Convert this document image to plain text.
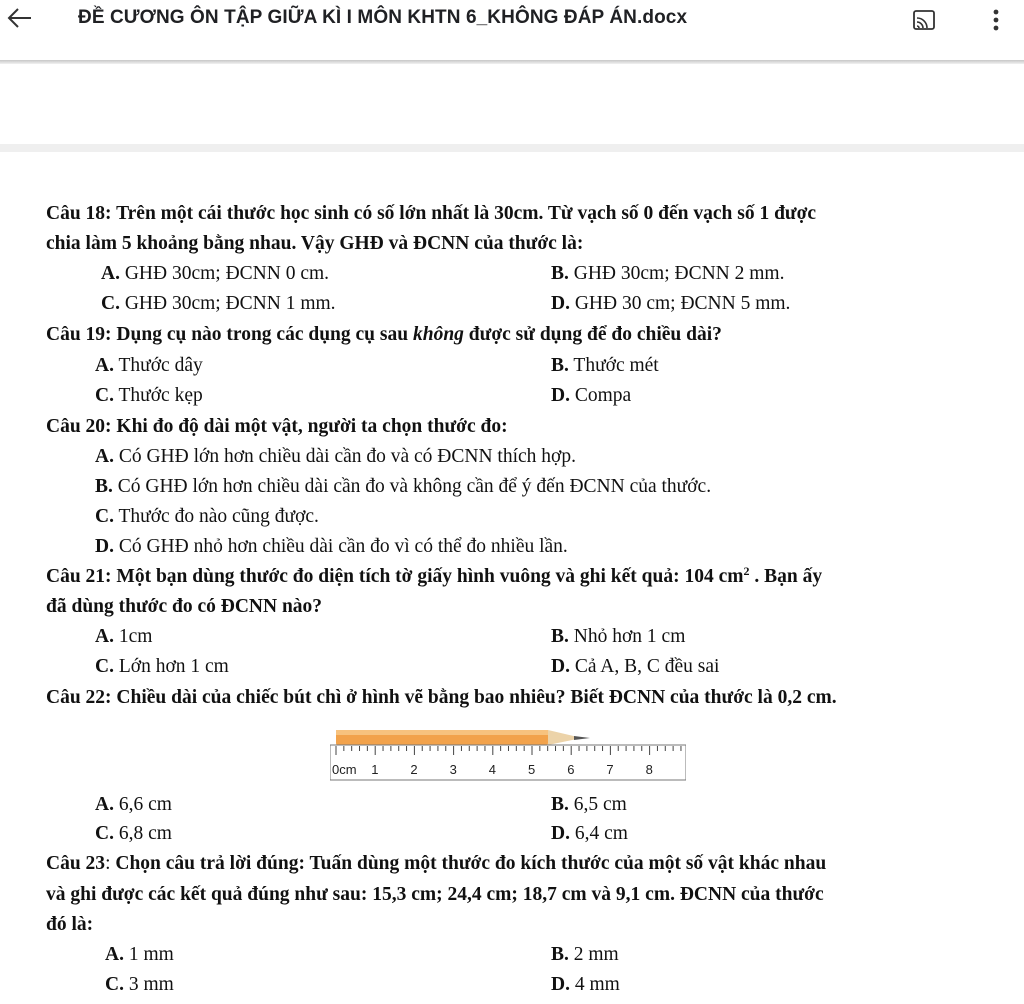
ĐỀ CƯƠNG ÔN TẬP GIỮA KÌ I MÔN KHTN 6_KHÔNG ĐÁP ÁN.docx
Câu 18: Trên một cái thước học sinh có số lớn nhất là 30cm. Từ vạch số 0 đến vạch số 1 được
chia làm 5 khoảng bằng nhau. Vậy GHĐ và ĐCNN của thước là:
A. GHĐ 30cm; ĐCNN 0 cm.	B. GHĐ 30cm; ĐCNN 2 mm.
C. GHĐ 30cm; ĐCNN 1 mm.	D. GHĐ 30 cm; ĐCNN 5 mm.
Câu 19: Dụng cụ nào trong các dụng cụ sau không được sử dụng để đo chiều dài?
A. Thước dây	B. Thước mét
C. Thước kẹp	D. Compa
Câu 20: Khi đo độ dài một vật, người ta chọn thước đo:
A. Có GHĐ lớn hơn chiều dài cần đo và có ĐCNN thích hợp.
B. Có GHĐ lớn hơn chiều dài cần đo và không cần để ý đến ĐCNN của thước.
C. Thước đo nào cũng được.
D. Có GHĐ nhỏ hơn chiều dài cần đo vì có thể đo nhiều lần.
Câu 21: Một bạn dùng thước đo diện tích tờ giấy hình vuông và ghi kết quả: 104 $cm^2$ . Bạn ấy
đã dùng thước đo có ĐCNN nào?
A. 1cm	B. Nhỏ hơn 1 cm
C. Lớn hơn 1 cm	D. Cả A, B, C đều sai
Câu 22: Chiều dài của chiếc bút chì ở hình vẽ bằng bao nhiêu? Biết ĐCNN của thước là 0,2 cm.
0cm 1 2 3 4 5 6 7 8
A. 6,6 cm	B. 6,5 cm
C. 6,8 cm	D. 6,4 cm
Câu 23: Chọn câu trả lời đúng: Tuấn dùng một thước đo kích thước của một số vật khác nhau
và ghi được các kết quả đúng như sau: 15,3 cm; 24,4 cm; 18,7 cm và 9,1 cm. ĐCNN của thước
đó là:
A. 1 mm	B. 2 mm
C. 3 mm	D. 4 mm
